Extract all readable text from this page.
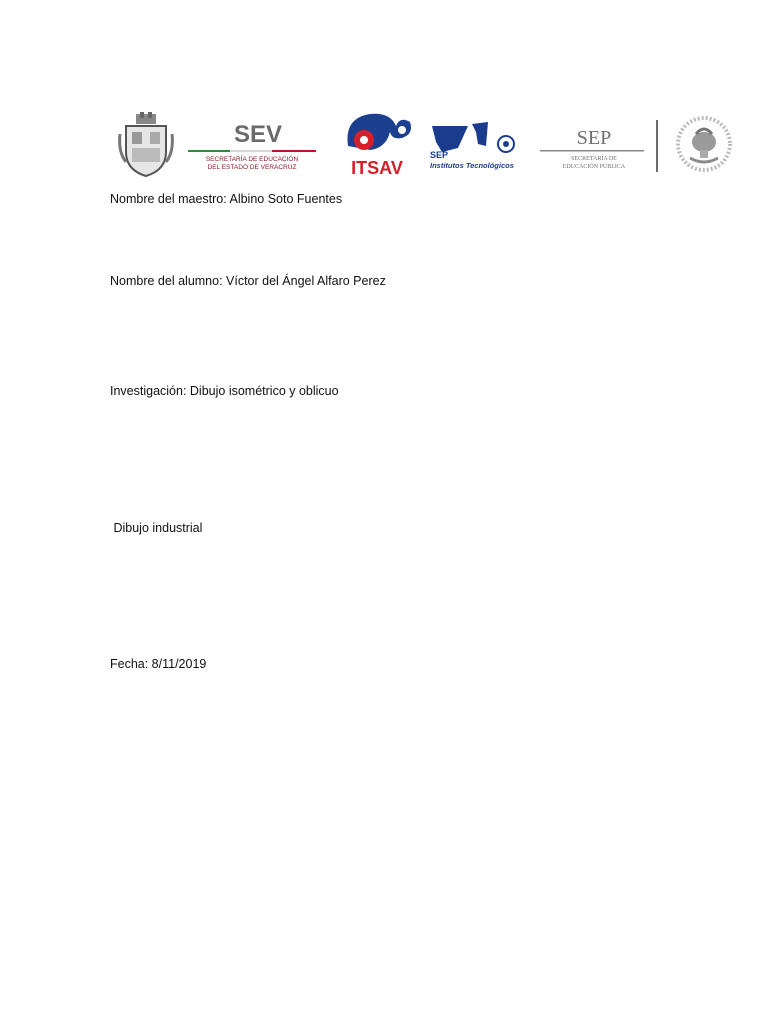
SEV
SECRETARÍA DE EDUCACIÓN
DEL ESTADO DE VERACRUZ	ITSAV
SEP
Institutos Tecnológicos
SEP
SECRETARÍA DE
EDUCACIÓN PÚBLICA
Nombre del maestro: Albino Soto Fuentes
Nombre del alumno: Víctor del Ángel Alfaro Perez
Investigación: Dibujo isométrico y oblicuo
Dibujo industrial
Fecha: 8/11/2019
